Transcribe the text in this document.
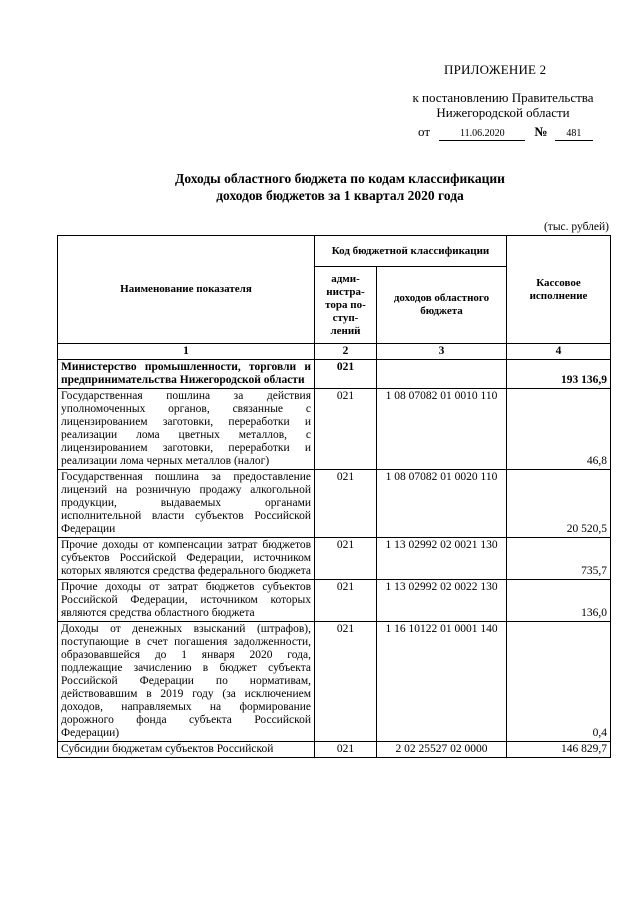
ПРИЛОЖЕНИЕ 2
к постановлению Правительства
Нижегородской области
от	11.06.2020 № 481
Доходы областного бюджета по кодам классификации
доходов бюджетов за 1 квартал 2020 года
(тыс. рублей)
Наименование показателя	Код бюджетной классификации		Кассовое исполнение
	адми-
нистра-
тора по-
ступ-
лений	доходов областного бюджета	
1	2	3	4
Министерство промышленности, торговли и предпринимательства Нижегородской области	021		193 136,9
Государственная пошлина за действия уполномоченных органов, связанные с лицензированием заготовки, переработки и реализации лома цветных металлов, с лицензированием заготовки, переработки и реализации лома черных металлов (налог)	021	1 08 07082 01 0010 110	46,8
Государственная пошлина за предоставление лицензий на розничную продажу алкогольной продукции, выдаваемых органами исполнительной власти субъектов Российской Федерации	021	1 08 07082 01 0020 110	20 520,5
Прочие доходы от компенсации затрат бюджетов субъектов Российской Федерации, источником которых являются средства федерального бюджета	021	1 13 02992 02 0021 130	735,7
Прочие доходы от затрат бюджетов субъектов Российской Федерации, источником которых являются средства областного бюджета	021	1 13 02992 02 0022 130	136,0
Доходы от денежных взысканий (штрафов), поступающие в счет погашения задолженности, образовавшейся до 1 января 2020 года, подлежащие зачислению в бюджет субъекта Российской Федерации по нормативам, действовавшим в 2019 году (за исключением доходов, направляемых на формирование дорожного фонда субъекта Российской Федерации)	021	1 16 10122 01 0001 140	0,4
Субсидии бюджетам субъектов Российской	021	2 02 25527 02 0000	146 829,7
